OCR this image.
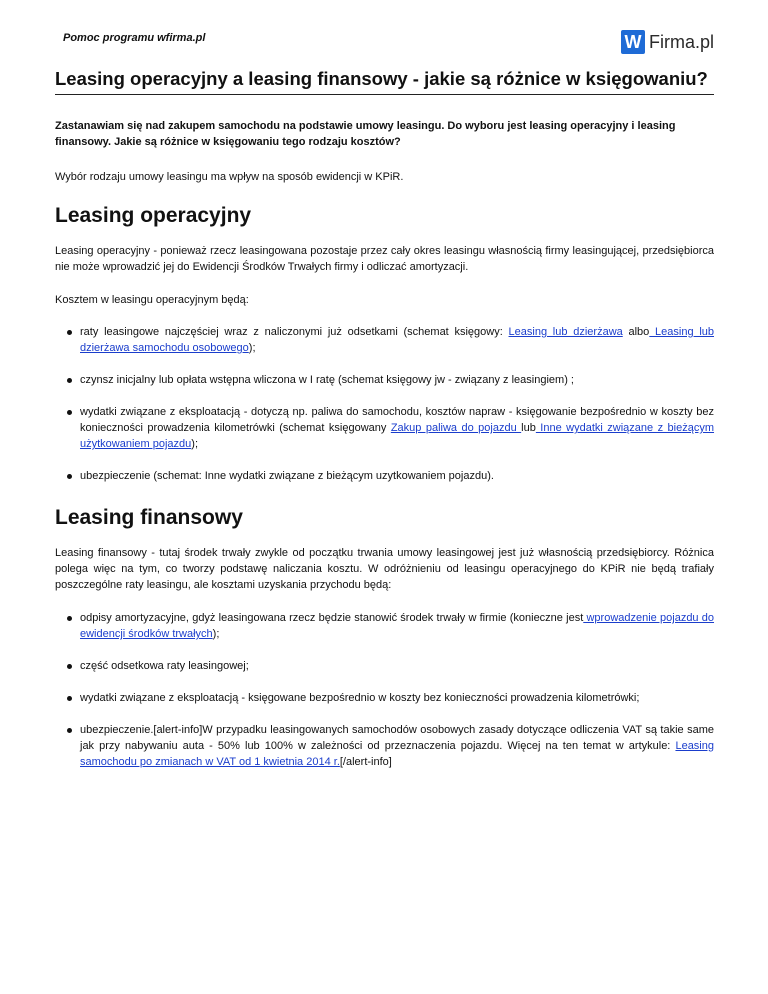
Pomoc programu wfirma.pl	W Firma.pl
Leasing operacyjny a leasing finansowy - jakie są różnice w księgowaniu?
Zastanawiam się nad zakupem samochodu na podstawie umowy leasingu. Do wyboru jest leasing operacyjny i leasing finansowy. Jakie są różnice w księgowaniu tego rodzaju kosztów?

Wybór rodzaju umowy leasingu ma wpływ na sposób ewidencji w KPiR.

Leasing operacyjny

Leasing operacyjny - ponieważ rzecz leasingowana pozostaje przez cały okres leasingu własnością firmy leasingującej, przedsiębiorca nie może wprowadzić jej do Ewidencji Środków Trwałych firmy i odliczać amortyzacji.

Kosztem w leasingu operacyjnym będą:

raty leasingowe najczęściej wraz z naliczonymi już odsetkami (schemat księgowy: Leasing lub dzierżawa albo Leasing lub dzierżawa samochodu osobowego);
czynsz inicjalny lub opłata wstępna wliczona w I ratę (schemat księgowy jw - związany z leasingiem) ;
wydatki związane z eksploatacją - dotyczą np. paliwa do samochodu, kosztów napraw - księgowanie bezpośrednio w koszty bez konieczności prowadzenia kilometrówki (schemat księgowany Zakup paliwa do pojazdu lub Inne wydatki związane z bieżącym użytkowaniem pojazdu);
ubezpieczenie (schemat: Inne wydatki związane z bieżącym uzytkowaniem pojazdu).
Leasing finansowy

Leasing finansowy - tutaj środek trwały zwykle od początku trwania umowy leasingowej jest już własnością przedsiębiorcy. Różnica polega więc na tym, co tworzy podstawę naliczania kosztu. W odróżnieniu od leasingu operacyjnego do KPiR nie będą trafiały poszczególne raty leasingu, ale kosztami uzyskania przychodu będą:

odpisy amortyzacyjne, gdyż leasingowana rzecz będzie stanowić środek trwały w firmie (konieczne jest wprowadzenie pojazdu do ewidencji środków trwałych);
część odsetkowa raty leasingowej;
wydatki związane z eksploatacją - księgowane bezpośrednio w koszty bez konieczności prowadzenia kilometrówki;
ubezpieczenie.[alert-info]W przypadku leasingowanych samochodów osobowych zasady dotyczące odliczenia VAT są takie same jak przy nabywaniu auta - 50% lub 100% w zależności od przeznaczenia pojazdu. Więcej na ten temat w artykule: Leasing samochodu po zmianach w VAT od 1 kwietnia 2014 r.[/alert-info]
